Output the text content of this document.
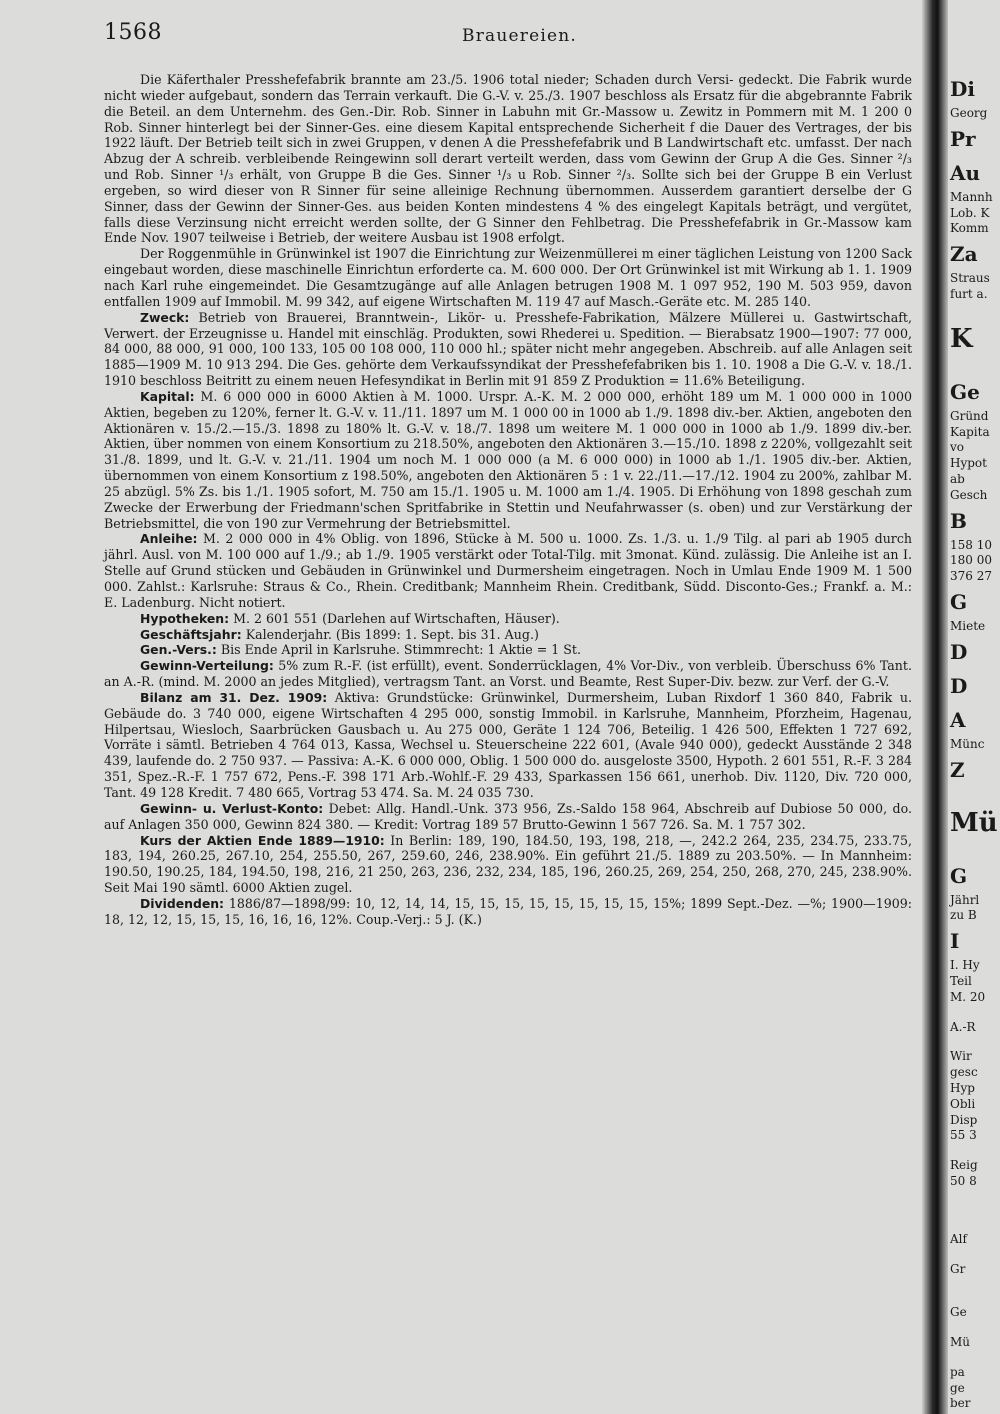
1568	Brauereien.

Die Käferthaler Presshefefabrik brannte am 23./5. 1906 total nieder; Schaden durch Versi- gedeckt. Die Fabrik wurde nicht wieder aufgebaut, sondern das Terrain verkauft. Die G.-V. v. 25./3. 1907 beschloss als Ersatz für die abgebrannte Fabrik die Beteil. an dem Unternehm. des Gen.-Dir. Rob. Sinner in Labuhn mit Gr.-Massow u. Zewitz in Pommern mit M. 1 200 0 Rob. Sinner hinterlegt bei der Sinner-Ges. eine diesem Kapital entsprechende Sicherheit f die Dauer des Vertrages, der bis 1922 läuft. Der Betrieb teilt sich in zwei Gruppen, v denen A die Presshefefabrik und B Landwirtschaft etc. umfasst. Der nach Abzug der A schreib. verbleibende Reingewinn soll derart verteilt werden, dass vom Gewinn der Grup A die Ges. Sinner ²/₃ und Rob. Sinner ¹/₃ erhält, von Gruppe B die Ges. Sinner ¹/₃ u Rob. Sinner ²/₃. Sollte sich bei der Gruppe B ein Verlust ergeben, so wird dieser von R Sinner für seine alleinige Rechnung übernommen. Ausserdem garantiert derselbe der G Sinner, dass der Gewinn der Sinner-Ges. aus beiden Konten mindestens 4 % des eingelegt Kapitals beträgt, und vergütet, falls diese Verzinsung nicht erreicht werden sollte, der G Sinner den Fehlbetrag. Die Presshefefabrik in Gr.-Massow kam Ende Nov. 1907 teilweise i Betrieb, der weitere Ausbau ist 1908 erfolgt.

Der Roggenmühle in Grünwinkel ist 1907 die Einrichtung zur Weizenmüllerei m einer täglichen Leistung von 1200 Sack eingebaut worden, diese maschinelle Einrichtun erforderte ca. M. 600 000. Der Ort Grünwinkel ist mit Wirkung ab 1. 1. 1909 nach Karl ruhe eingemeindet. Die Gesamtzugänge auf alle Anlagen betrugen 1908 M. 1 097 952, 190 M. 503 959, davon entfallen 1909 auf Immobil. M. 99 342, auf eigene Wirtschaften M. 119 47 auf Masch.-Geräte etc. M. 285 140.

Zweck: Betrieb von Brauerei, Branntwein-, Likör- u. Presshefe-Fabrikation, Mälzere Müllerei u. Gastwirtschaft, Verwert. der Erzeugnisse u. Handel mit einschläg. Produkten, sowi Rhederei u. Spedition. — Bierabsatz 1900—1907: 77 000, 84 000, 88 000, 91 000, 100 133, 105 00 108 000, 110 000 hl.; später nicht mehr angegeben. Abschreib. auf alle Anlagen seit 1885—1909 M. 10 913 294. Die Ges. gehörte dem Verkaufssyndikat der Presshefefabriken bis 1. 10. 1908 a Die G.-V. v. 18./1. 1910 beschloss Beitritt zu einem neuen Hefesyndikat in Berlin mit 91 859 Z Produktion = 11.6% Beteiligung.

Kapital: M. 6 000 000 in 6000 Aktien à M. 1000. Urspr. A.-K. M. 2 000 000, erhöht 189 um M. 1 000 000 in 1000 Aktien, begeben zu 120%, ferner lt. G.-V. v. 11./11. 1897 um M. 1 000 00 in 1000 ab 1./9. 1898 div.-ber. Aktien, angeboten den Aktionären v. 15./2.—15./3. 1898 zu 180% lt. G.-V. v. 18./7. 1898 um weitere M. 1 000 000 in 1000 ab 1./9. 1899 div.-ber. Aktien, über nommen von einem Konsortium zu 218.50%, angeboten den Aktionären 3.—15./10. 1898 z 220%, vollgezahlt seit 31./8. 1899, und lt. G.-V. v. 21./11. 1904 um noch M. 1 000 000 (a M. 6 000 000) in 1000 ab 1./1. 1905 div.-ber. Aktien, übernommen von einem Konsortium z 198.50%, angeboten den Aktionären 5 : 1 v. 22./11.—17./12. 1904 zu 200%, zahlbar M. 25 abzügl. 5% Zs. bis 1./1. 1905 sofort, M. 750 am 15./1. 1905 u. M. 1000 am 1./4. 1905. Di Erhöhung von 1898 geschah zum Zwecke der Erwerbung der Friedmann'schen Spritfabrike in Stettin und Neufahrwasser (s. oben) und zur Verstärkung der Betriebsmittel, die von 190 zur Vermehrung der Betriebsmittel.

Anleihe: M. 2 000 000 in 4% Oblig. von 1896, Stücke à M. 500 u. 1000. Zs. 1./3. u. 1./9 Tilg. al pari ab 1905 durch jährl. Ausl. von M. 100 000 auf 1./9.; ab 1./9. 1905 verstärkt oder Total-Tilg. mit 3monat. Künd. zulässig. Die Anleihe ist an I. Stelle auf Grund stücken und Gebäuden in Grünwinkel und Durmersheim eingetragen. Noch in Umlau Ende 1909 M. 1 500 000. Zahlst.: Karlsruhe: Straus & Co., Rhein. Creditbank; Mannheim Rhein. Creditbank, Südd. Disconto-Ges.; Frankf. a. M.: E. Ladenburg. Nicht notiert.

Hypotheken: M. 2 601 551 (Darlehen auf Wirtschaften, Häuser).

Geschäftsjahr: Kalenderjahr. (Bis 1899: 1. Sept. bis 31. Aug.)

Gen.-Vers.: Bis Ende April in Karlsruhe. Stimmrecht: 1 Aktie = 1 St.

Gewinn-Verteilung: 5% zum R.-F. (ist erfüllt), event. Sonderrücklagen, 4% Vor-Div., von verbleib. Überschuss 6% Tant. an A.-R. (mind. M. 2000 an jedes Mitglied), vertragsm Tant. an Vorst. und Beamte, Rest Super-Div. bezw. zur Verf. der G.-V.

Bilanz am 31. Dez. 1909: Aktiva: Grundstücke: Grünwinkel, Durmersheim, Luban Rixdorf 1 360 840, Fabrik u. Gebäude do. 3 740 000, eigene Wirtschaften 4 295 000, sonstig Immobil. in Karlsruhe, Mannheim, Pforzheim, Hagenau, Hilpertsau, Wiesloch, Saarbrücken Gausbach u. Au 275 000, Geräte 1 124 706, Beteilig. 1 426 500, Effekten 1 727 692, Vorräte i sämtl. Betrieben 4 764 013, Kassa, Wechsel u. Steuerscheine 222 601, (Avale 940 000), gedeckt Ausstände 2 348 439, laufende do. 2 750 937. — Passiva: A.-K. 6 000 000, Oblig. 1 500 000 do. ausgeloste 3500, Hypoth. 2 601 551, R.-F. 3 284 351, Spez.-R.-F. 1 757 672, Pens.-F. 398 171 Arb.-Wohlf.-F. 29 433, Sparkassen 156 661, unerhob. Div. 1120, Div. 720 000, Tant. 49 128 Kredit. 7 480 665, Vortrag 53 474. Sa. M. 24 035 730.

Gewinn- u. Verlust-Konto: Debet: Allg. Handl.-Unk. 373 956, Zs.-Saldo 158 964, Abschreib auf Dubiose 50 000, do. auf Anlagen 350 000, Gewinn 824 380. — Kredit: Vortrag 189 57 Brutto-Gewinn 1 567 726. Sa. M. 1 757 302.

Kurs der Aktien Ende 1889—1910: In Berlin: 189, 190, 184.50, 193, 198, 218, —, 242.2 264, 235, 234.75, 233.75, 183, 194, 260.25, 267.10, 254, 255.50, 267, 259.60, 246, 238.90%. Ein geführt 21./5. 1889 zu 203.50%. — In Mannheim: 190.50, 190.25, 184, 194.50, 198, 216, 21 250, 263, 236, 232, 234, 185, 196, 260.25, 269, 254, 250, 268, 270, 245, 238.90%. Seit Mai 190 sämtl. 6000 Aktien zugel.

Dividenden: 1886/87—1898/99: 10, 12, 14, 14, 15, 15, 15, 15, 15, 15, 15, 15, 15%; 1899 Sept.-Dez. —%; 1900—1909: 18, 12, 12, 15, 15, 15, 16, 16, 16, 12%. Coup.-Verj.: 5 J. (K.)

Di
Georg
Pr
Au
Mannh
Lob. K
Komm
Za
Straus
furt a.
K
Ge
Gründ
Kapita
vo
Hypot
ab
Gesch
B
158 10
180 00
376 27
G
Miete
D
D
A
Münc
Z
Mü
G
Jährl
zu B
I
I. Hy
Teil
M. 20
A.-R
Wir
gesc
Hyp
Obli
Disp
55 3
Reig
50 8
Alf
Gr
Ge
Mü
pa
ge
ber
